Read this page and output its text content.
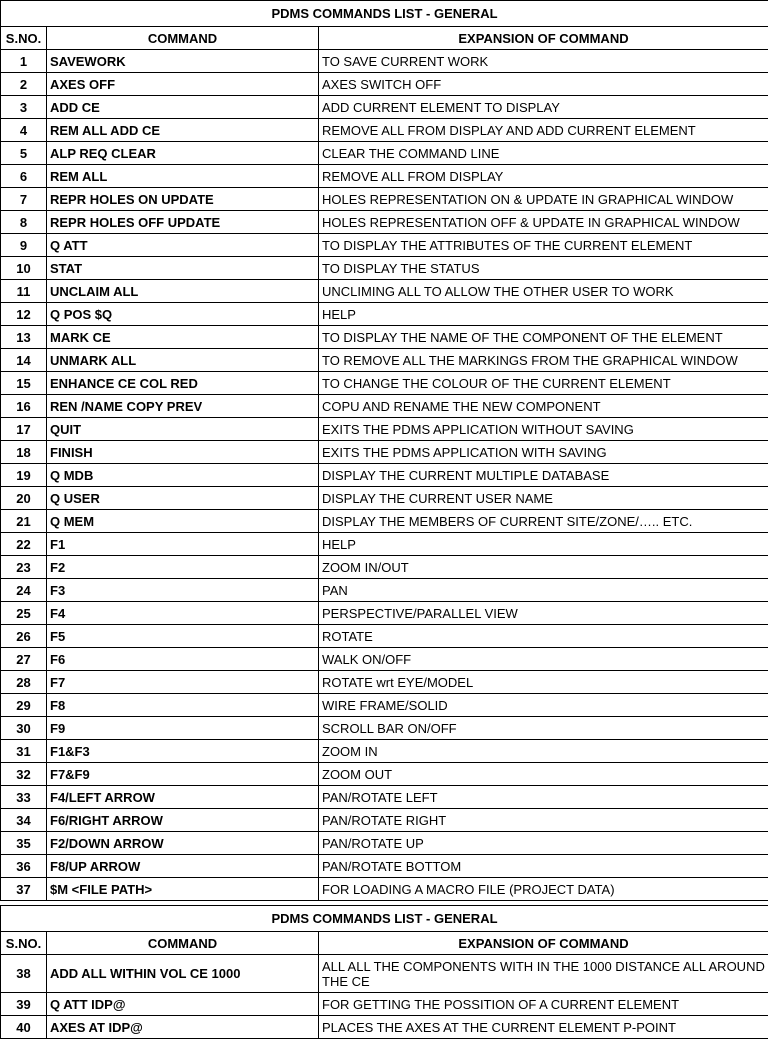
PDMS COMMANDS LIST - GENERAL		
S.NO.	COMMAND	EXPANSION OF COMMAND
1	SAVEWORK	TO SAVE CURRENT WORK
2	AXES OFF	AXES SWITCH OFF
3	ADD CE	ADD CURRENT ELEMENT TO DISPLAY
4	REM ALL ADD CE	REMOVE ALL FROM DISPLAY AND ADD CURRENT ELEMENT
5	ALP REQ CLEAR	CLEAR THE COMMAND LINE
6	REM ALL	REMOVE ALL FROM DISPLAY
7	REPR HOLES ON UPDATE	HOLES REPRESENTATION ON & UPDATE IN GRAPHICAL WINDOW
8	REPR HOLES OFF UPDATE	HOLES REPRESENTATION OFF & UPDATE IN GRAPHICAL WINDOW
9	Q ATT	TO DISPLAY THE ATTRIBUTES OF THE CURRENT ELEMENT
10	STAT	TO DISPLAY THE STATUS
11	UNCLAIM ALL	UNCLIMING ALL TO ALLOW THE OTHER USER TO WORK
12	Q POS $Q	HELP
13	MARK CE	TO DISPLAY THE NAME OF THE COMPONENT OF THE ELEMENT
14	UNMARK ALL	TO REMOVE ALL THE MARKINGS FROM THE GRAPHICAL WINDOW
15	ENHANCE CE COL RED	TO CHANGE THE COLOUR OF THE CURRENT ELEMENT
16	REN /NAME COPY PREV	COPU AND RENAME THE NEW COMPONENT
17	QUIT	EXITS THE PDMS APPLICATION WITHOUT SAVING
18	FINISH	EXITS THE PDMS APPLICATION WITH SAVING
19	Q MDB	DISPLAY THE CURRENT MULTIPLE DATABASE
20	Q USER	DISPLAY THE CURRENT USER NAME
21	Q MEM	DISPLAY THE MEMBERS OF CURRENT SITE/ZONE/….. ETC.
22	F1	HELP
23	F2	ZOOM IN/OUT
24	F3	PAN
25	F4	PERSPECTIVE/PARALLEL VIEW
26	F5	ROTATE
27	F6	WALK ON/OFF
28	F7	ROTATE wrt EYE/MODEL
29	F8	WIRE FRAME/SOLID
30	F9	SCROLL BAR ON/OFF
31	F1&F3	ZOOM IN
32	F7&F9	ZOOM OUT
33	F4/LEFT ARROW	PAN/ROTATE LEFT
34	F6/RIGHT ARROW	PAN/ROTATE RIGHT
35	F2/DOWN ARROW	PAN/ROTATE UP
36	F8/UP ARROW	PAN/ROTATE BOTTOM
37	$M <FILE PATH>	FOR LOADING A MACRO FILE (PROJECT DATA)
PDMS COMMANDS LIST - GENERAL		
S.NO.	COMMAND	EXPANSION OF COMMAND
38	ADD ALL WITHIN VOL CE 1000	ALL ALL THE COMPONENTS WITH IN THE 1000 DISTANCE ALL AROUND THE CE
39	Q ATT IDP@	FOR GETTING THE POSSITION OF A CURRENT ELEMENT
40	AXES AT IDP@	PLACES THE AXES AT THE CURRENT ELEMENT P-POINT
